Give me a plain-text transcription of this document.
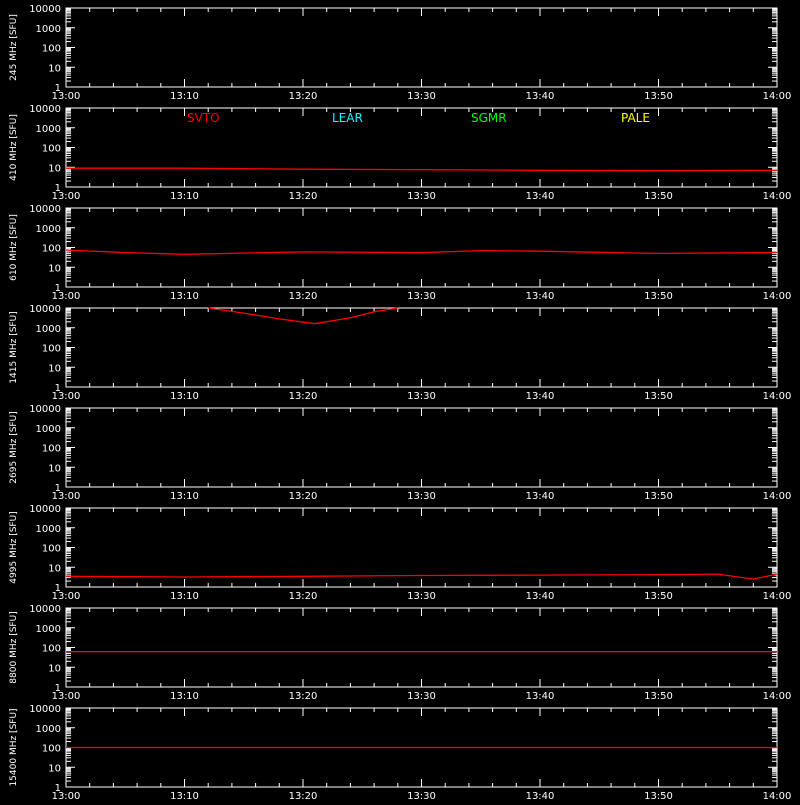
1
10
100
1000
10000
13:00	13:10	13:20	13:30	13:40	13:50	14:00
245 MHz [SFU]
1
10
100
1000
10000
13:00	13:10	13:20	13:30	13:40	13:50	14:00
410 MHz [SFU]
1
10
100
1000
10000
13:00	13:10	13:20	13:30	13:40	13:50	14:00
610 MHz [SFU]
1
10
100
1000
10000
13:00	13:10	13:20	13:30	13:40	13:50	14:00
1415 MHz [SFU]
1
10
100
1000
10000
13:00	13:10	13:20	13:30	13:40	13:50	14:00
2695 MHz [SFU]
1
10
100
1000
10000
13:00	13:10	13:20	13:30	13:40	13:50	14:00
4995 MHz [SFU]
1
10
100
1000
10000
13:00	13:10	13:20	13:30	13:40	13:50	14:00
8800 MHz [SFU]
1
10
100
1000
10000
13:00	13:10	13:20	13:30	13:40	13:50	14:00
15400 MHz [SFU]
SVTO	LEAR	SGMR	PALE
